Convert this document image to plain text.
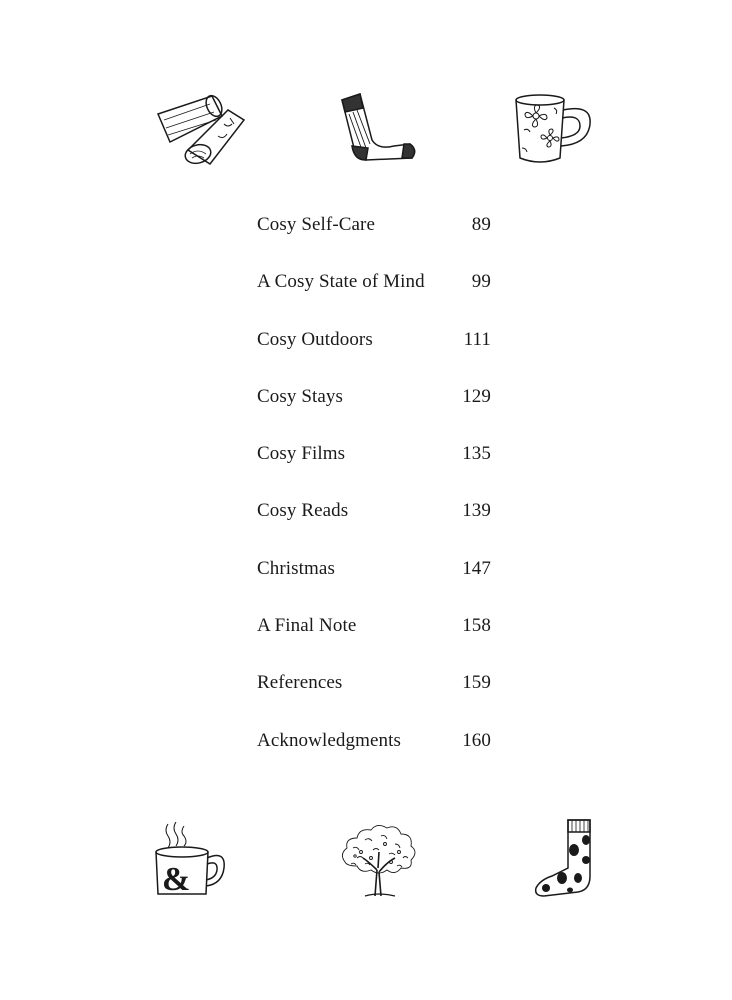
Cosy Self-Care	89
A Cosy State of Mind	99
Cosy Outdoors	111
Cosy Stays	129
Cosy Films	135
Cosy Reads	139
Christmas	147
A Final Note	158
References	159
Acknowledgments	160
&
